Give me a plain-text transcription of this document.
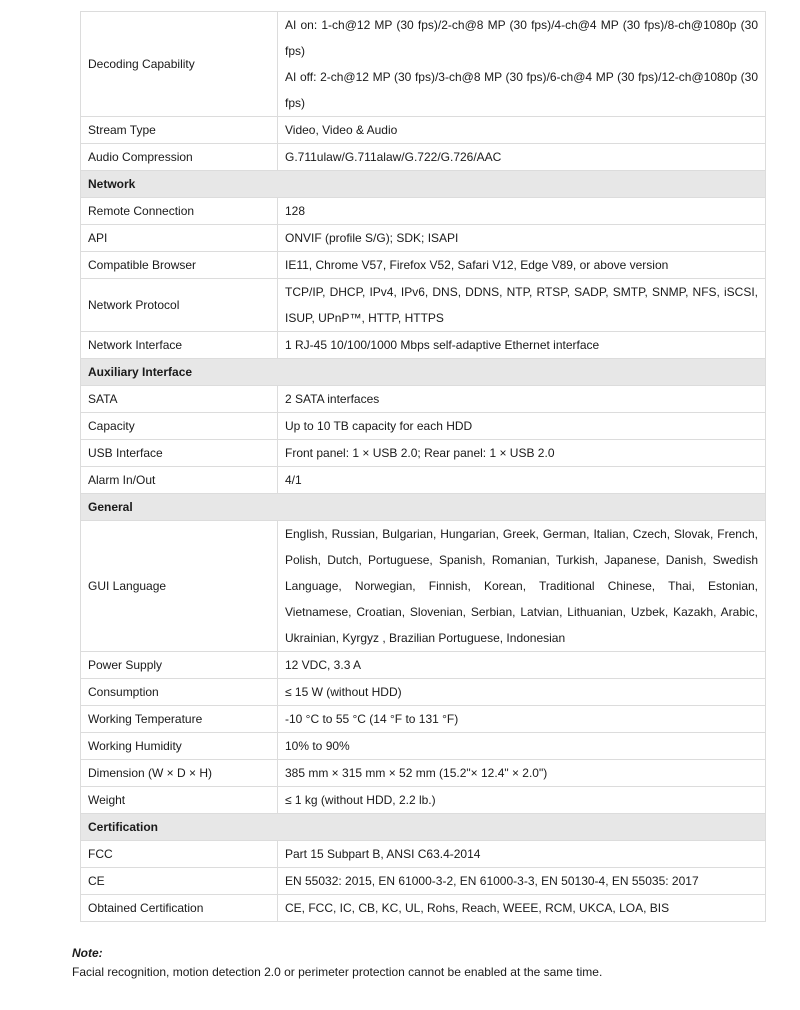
Decoding Capability	AI on: 1-ch@12 MP (30 fps)/2-ch@8 MP (30 fps)/4-ch@4 MP (30 fps)/8-ch@1080p (30 fps)
AI off: 2-ch@12 MP (30 fps)/3-ch@8 MP (30 fps)/6-ch@4 MP (30 fps)/12-ch@1080p (30 fps)

Stream Type	Video, Video & Audio
Audio Compression	G.711ulaw/G.711alaw/G.722/G.726/AAC
Network	
Remote Connection	128
API	ONVIF (profile S/G); SDK; ISAPI
Compatible Browser	IE11, Chrome V57, Firefox V52, Safari V12, Edge V89, or above version
Network Protocol	TCP/IP, DHCP, IPv4, IPv6, DNS, DDNS, NTP, RTSP, SADP, SMTP, SNMP, NFS, iSCSI, ISUP, UPnP™, HTTP, HTTPS
Network Interface	1 RJ-45 10/100/1000 Mbps self-adaptive Ethernet interface
Auxiliary Interface	
SATA	2 SATA interfaces
Capacity	Up to 10 TB capacity for each HDD
USB Interface	Front panel: 1 × USB 2.0; Rear panel: 1 × USB 2.0
Alarm In/Out	4/1
General	
GUI Language	English, Russian, Bulgarian, Hungarian, Greek, German, Italian, Czech, Slovak, French, Polish, Dutch, Portuguese, Spanish, Romanian, Turkish, Japanese, Danish, Swedish Language, Norwegian, Finnish, Korean, Traditional Chinese, Thai, Estonian, Vietnamese, Croatian, Slovenian, Serbian, Latvian, Lithuanian, Uzbek, Kazakh, Arabic, Ukrainian, Kyrgyz , Brazilian Portuguese, Indonesian
Power Supply	12 VDC, 3.3 A
Consumption	≤ 15 W (without HDD)
Working Temperature	-10 °C to 55 °C (14 °F to 131 °F)
Working Humidity	10% to 90%
Dimension (W × D × H)	385 mm × 315 mm × 52 mm (15.2"× 12.4" × 2.0")
Weight	≤ 1 kg (without HDD, 2.2 lb.)
Certification	
FCC	Part 15 Subpart B, ANSI C63.4-2014
CE	EN 55032: 2015, EN 61000-3-2, EN 61000-3-3, EN 50130-4, EN 55035: 2017
Obtained Certification	CE, FCC, IC, CB, KC, UL, Rohs, Reach, WEEE, RCM, UKCA, LOA, BIS
Note:
Facial recognition, motion detection 2.0 or perimeter protection cannot be enabled at the same time.
